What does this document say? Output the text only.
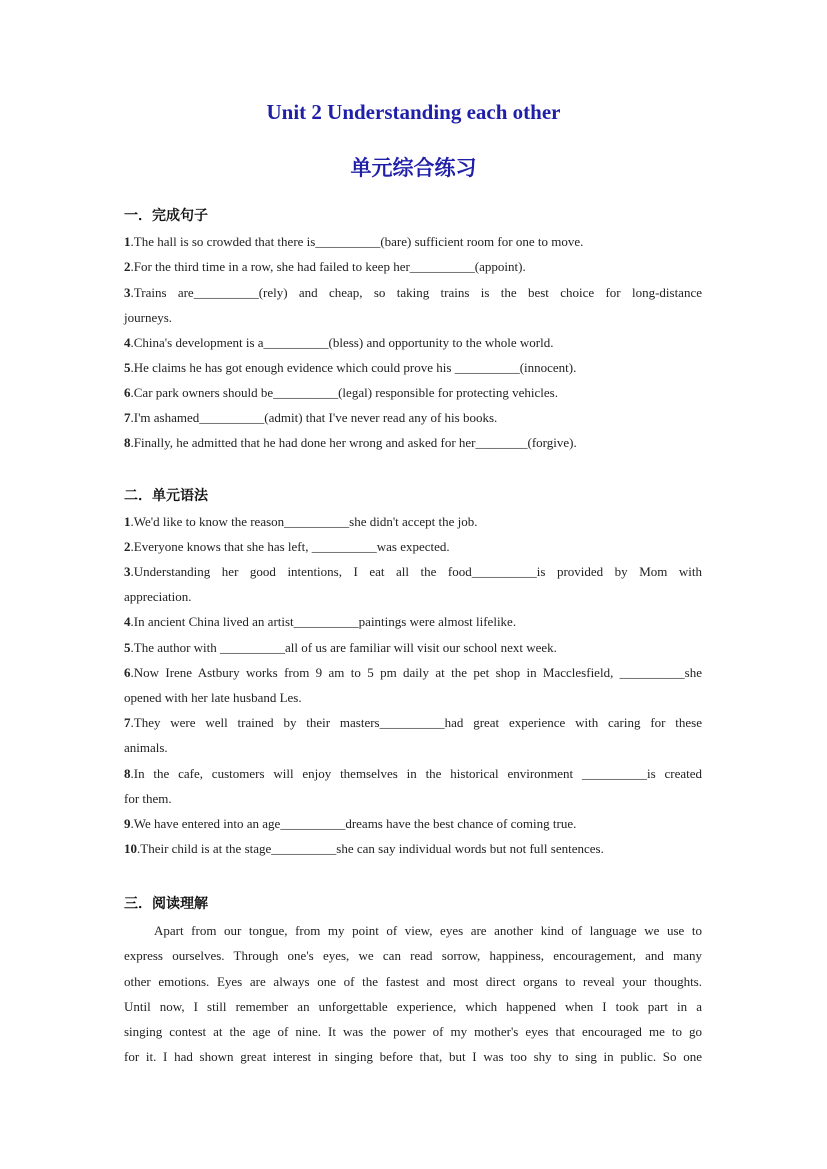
Unit 2 Understanding each other
单元综合练习
一．完成句子
1.The hall is so crowded that there is__________(bare) sufficient room for one to move.
2.For the third time in a row, she had failed to keep her__________(appoint).
3.Trains are__________(rely) and cheap, so taking trains is the best choice for long-distance
journeys.
4.China's development is a__________(bless) and opportunity to the whole world.
5.He claims he has got enough evidence which could prove his __________(innocent).
6.Car park owners should be__________(legal) responsible for protecting vehicles.
7.I'm ashamed__________(admit) that I've never read any of his books.
8.Finally, he admitted that he had done her wrong and asked for her________(forgive).
二．单元语法
1.We'd like to know the reason__________she didn't accept the job.
2.Everyone knows that she has left, __________was expected.
3.Understanding her good intentions, I eat all the food__________is provided by Mom with
appreciation.
4.In ancient China lived an artist__________paintings were almost lifelike.
5.The author with __________all of us are familiar will visit our school next week.
6.Now Irene Astbury works from 9 am to 5 pm daily at the pet shop in Macclesfield, __________she
opened with her late husband Les.
7.They were well trained by their masters__________had great experience with caring for these
animals.
8.In the cafe, customers will enjoy themselves in the historical environment __________is created
for them.
9.We have entered into an age__________dreams have the best chance of coming true.
10.Their child is at the stage__________she can say individual words but not full sentences.
三．阅读理解
Apart from our tongue, from my point of view, eyes are another kind of language we use to
express ourselves. Through one's eyes, we can read sorrow, happiness, encouragement, and many
other emotions. Eyes are always one of the fastest and most direct organs to reveal your thoughts.
Until now, I still remember an unforgettable experience, which happened when I took part in a
singing contest at the age of nine. It was the power of my mother's eyes that encouraged me to go
for it. I had shown great interest in singing before that, but I was too shy to sing in public. So one
